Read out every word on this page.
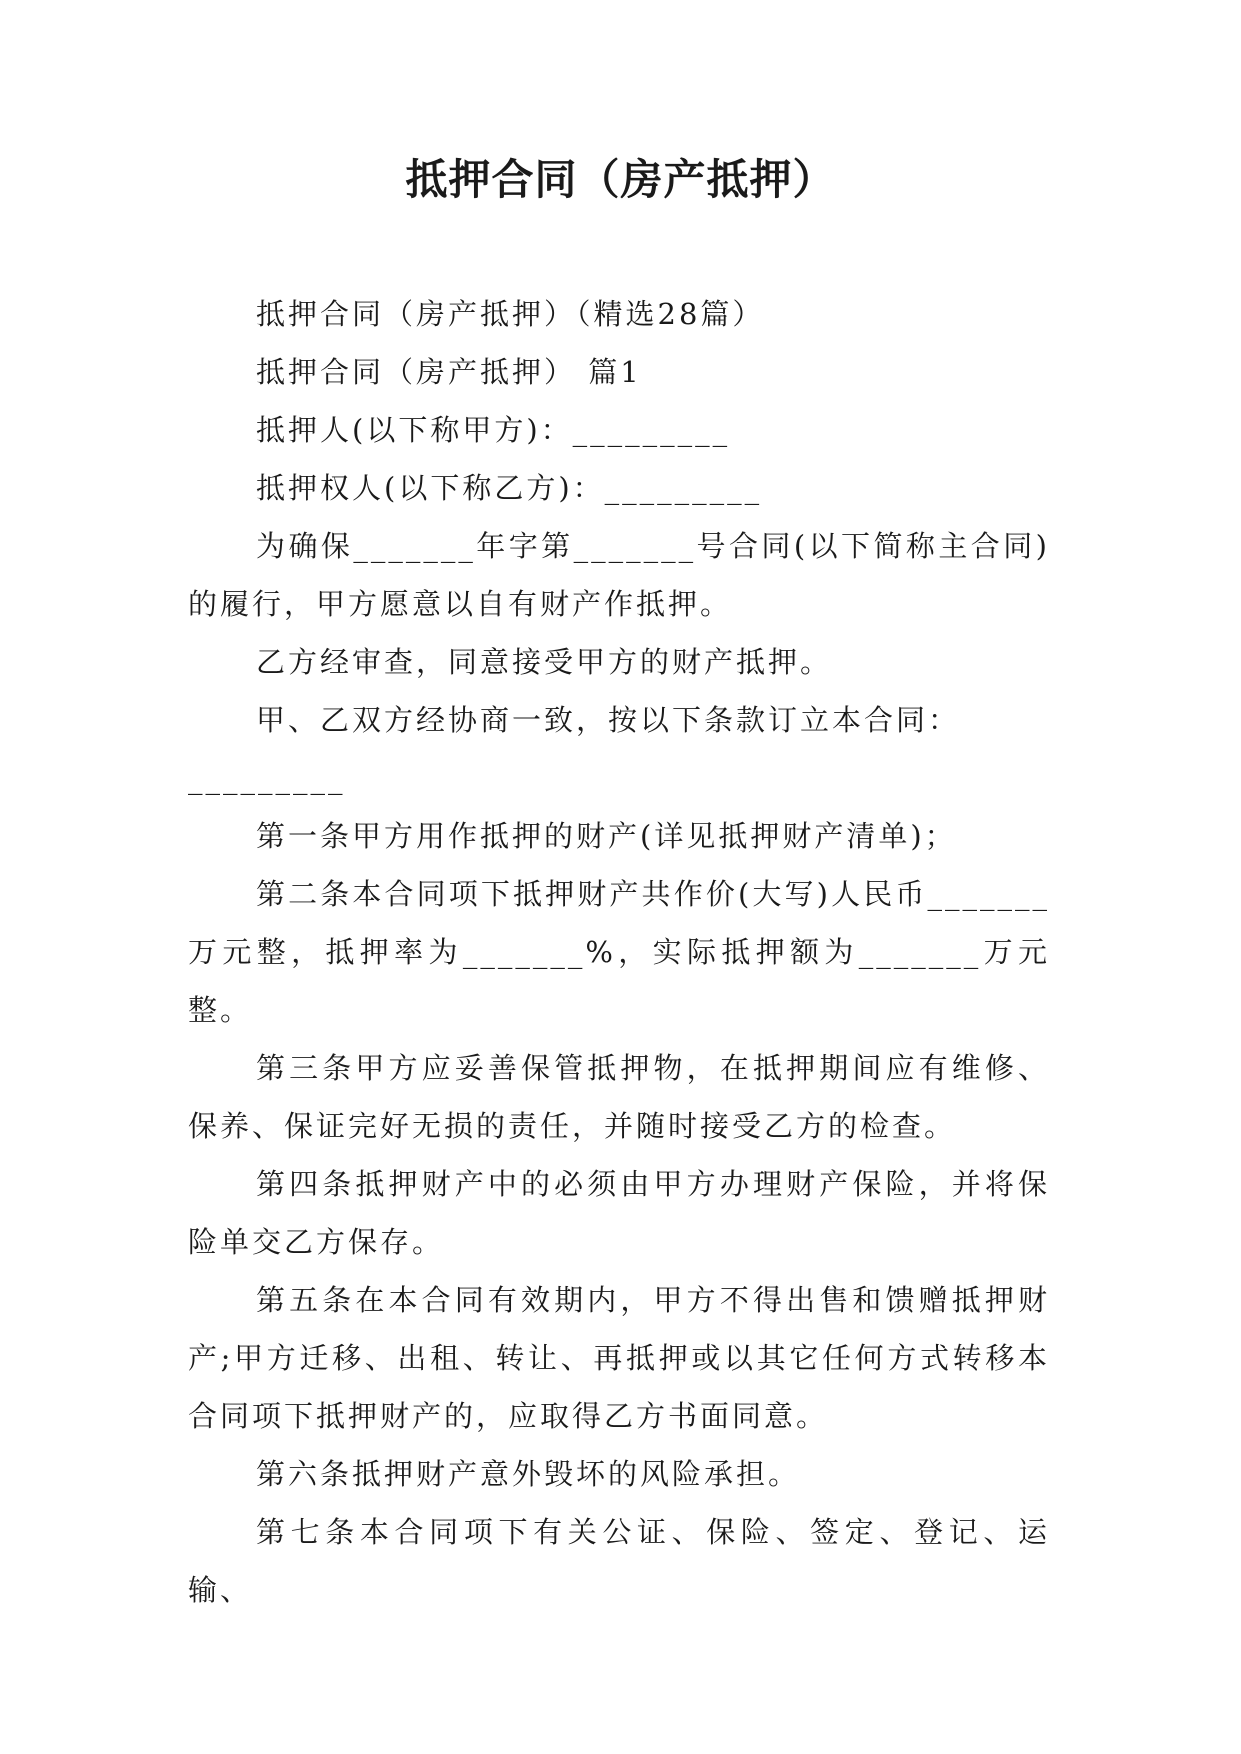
抵押合同（房产抵押）

抵押合同（房产抵押）（精选28篇）

抵押合同（房产抵押） 篇1

抵押人(以下称甲方)：_________

抵押权人(以下称乙方)：_________

为确保_______年字第_______号合同(以下简称主合同)的履行，甲方愿意以自有财产作抵押。

乙方经审查，同意接受甲方的财产抵押。

甲、乙双方经协商一致，按以下条款订立本合同：

_________

第一条甲方用作抵押的财产(详见抵押财产清单)；

第二条本合同项下抵押财产共作价(大写)人民币_______万元整，抵押率为_______%，实际抵押额为_______万元整。

第三条甲方应妥善保管抵押物，在抵押期间应有维修、保养、保证完好无损的责任，并随时接受乙方的检查。

第四条抵押财产中的必须由甲方办理财产保险，并将保险单交乙方保存。

第五条在本合同有效期内，甲方不得出售和馈赠抵押财产;甲方迁移、出租、转让、再抵押或以其它任何方式转移本合同项下抵押财产的，应取得乙方书面同意。

第六条抵押财产意外毁坏的风险承担。

第七条本合同项下有关公证、保险、签定、登记、运输、
